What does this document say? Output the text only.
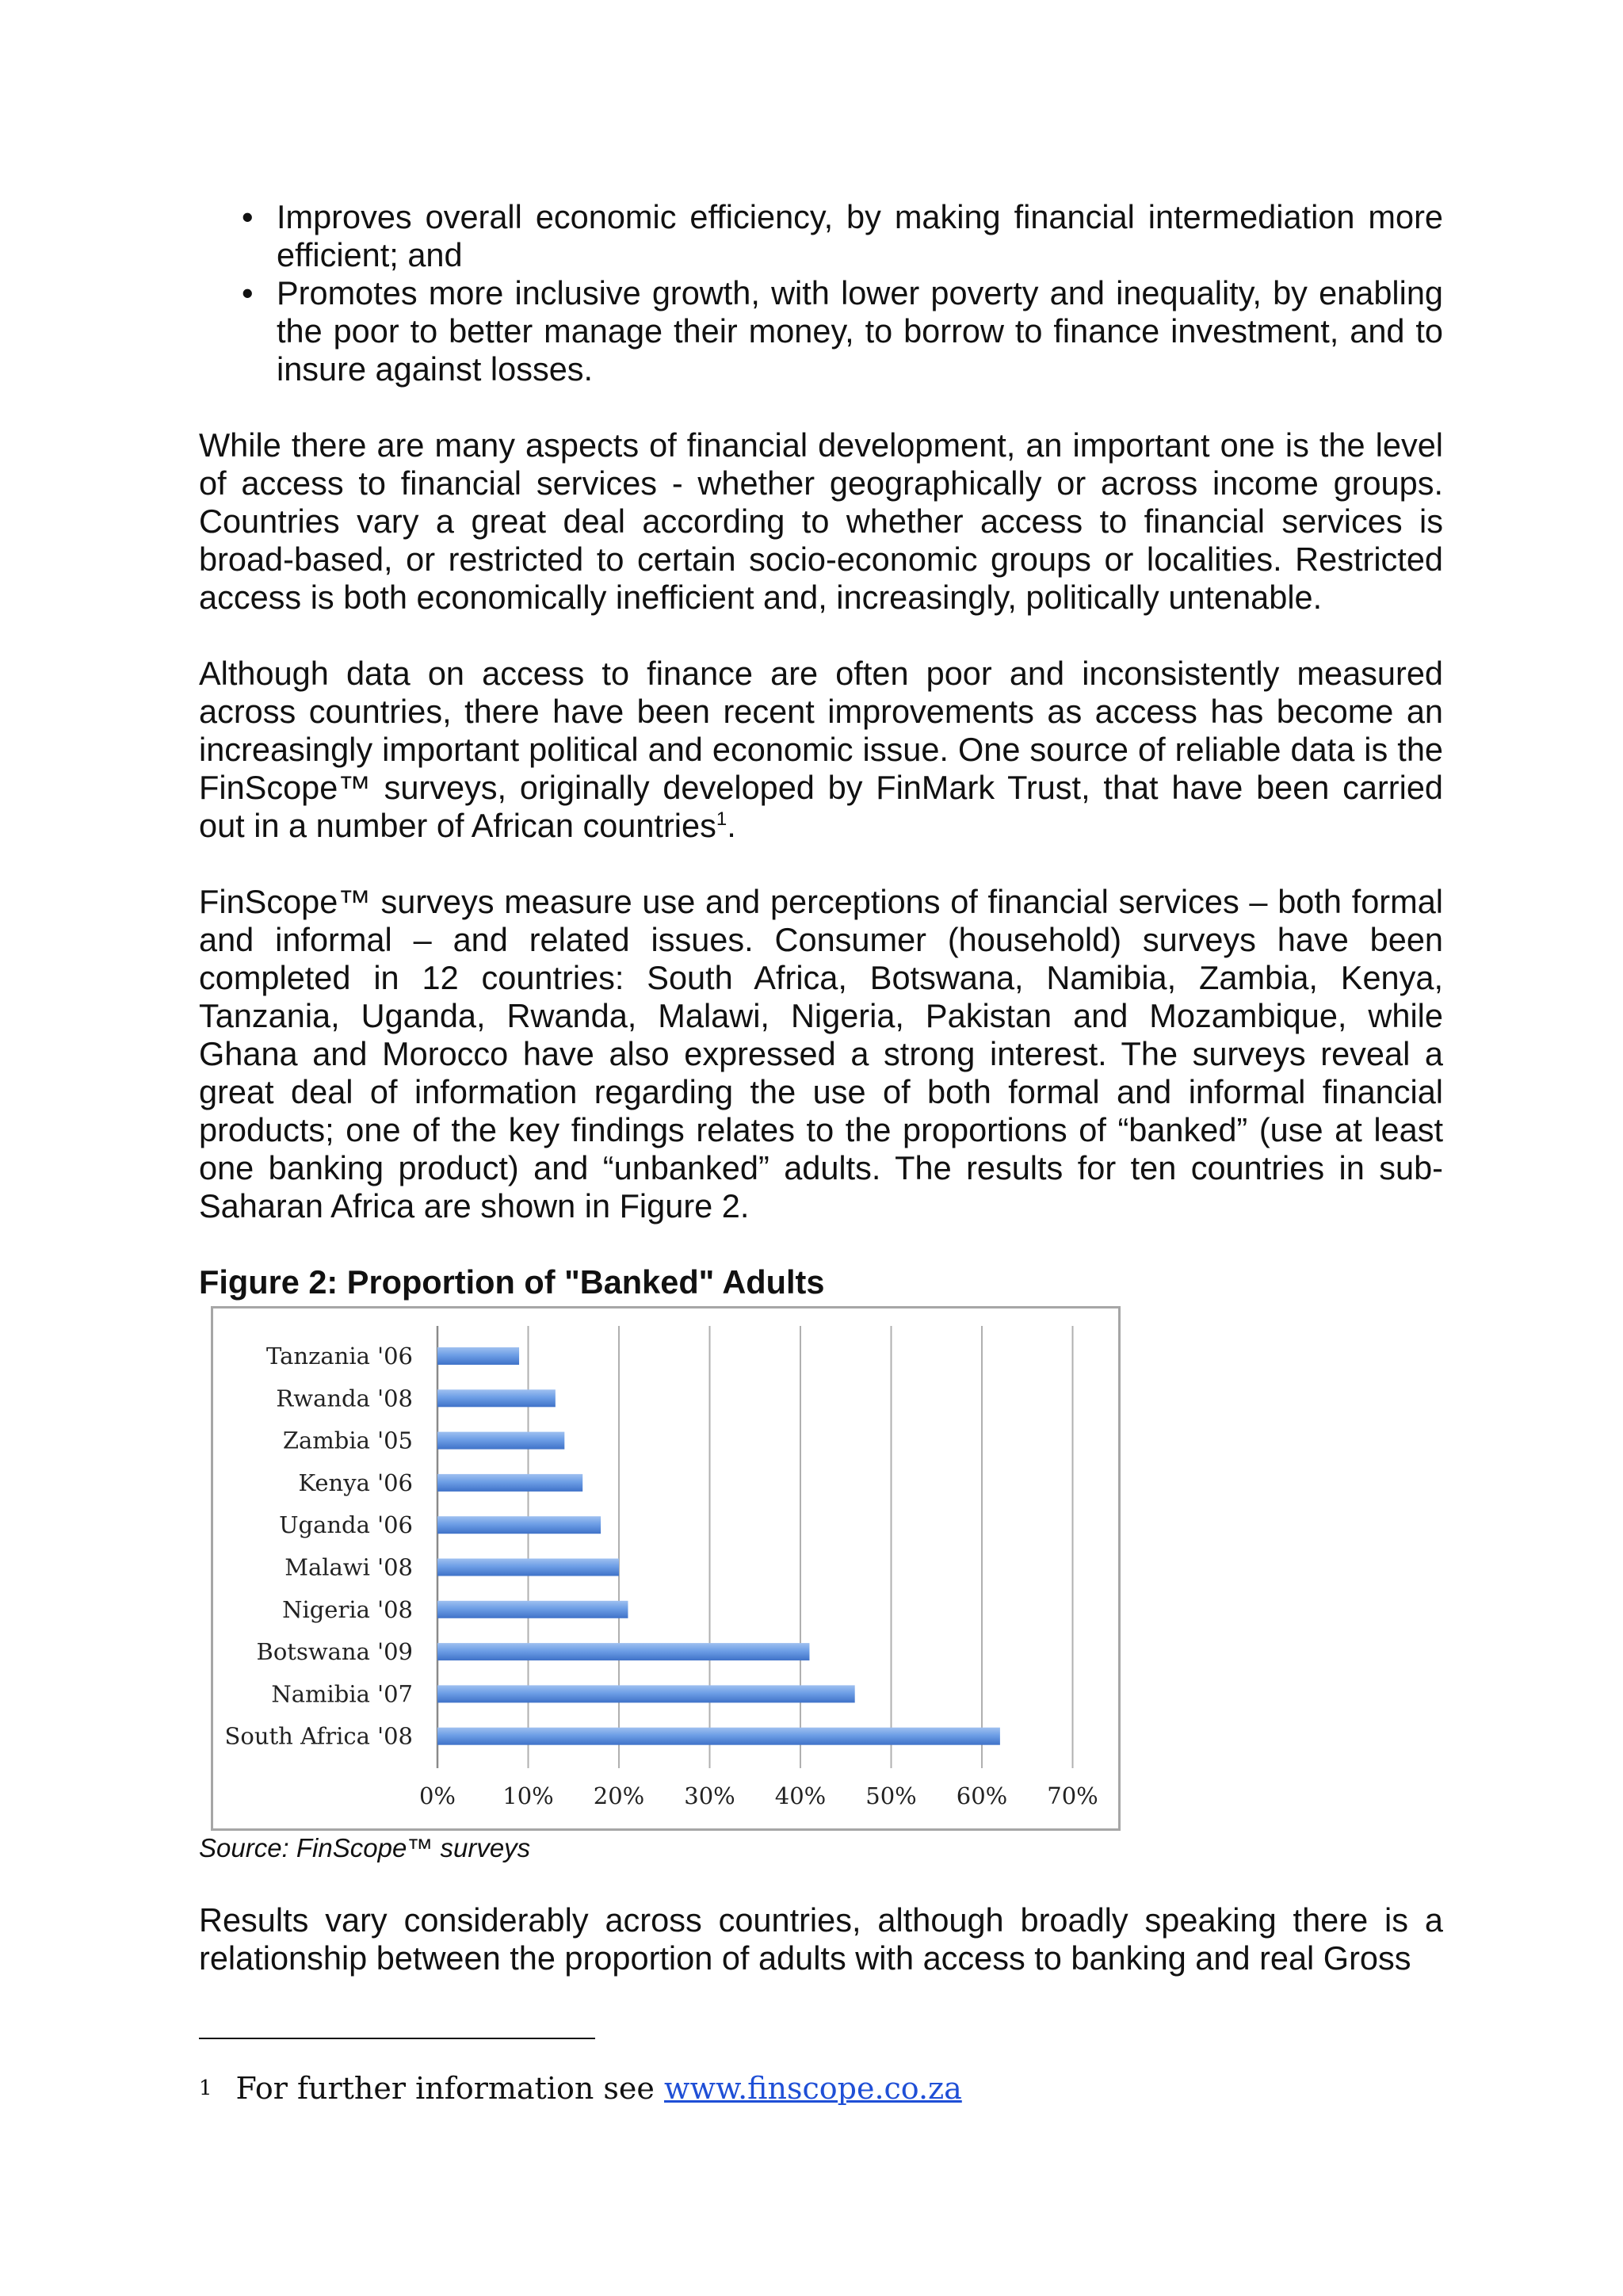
• Improves overall economic efficiency, by making financial intermediation more efficient; and
• Promotes more inclusive growth, with lower poverty and inequality, by enabling the poor to better manage their money, to borrow to finance investment, and to insure against losses.

While there are many aspects of financial development, an important one is the level of access to financial services - whether geographically or across income groups. Countries vary a great deal according to whether access to financial services is broad-based, or restricted to certain socio-economic groups or localities. Restricted access is both economically inefficient and, increasingly, politically untenable.

Although data on access to finance are often poor and inconsistently measured across countries, there have been recent improvements as access has become an increasingly important political and economic issue. One source of reliable data is the FinScope™ surveys, originally developed by FinMark Trust, that have been carried out in a number of African countries$^1$.

FinScope™ surveys measure use and perceptions of financial services – both formal and informal – and related issues. Consumer (household) surveys have been completed in 12 countries: South Africa, Botswana, Namibia, Zambia, Kenya, Tanzania, Uganda, Rwanda, Malawi, Nigeria, Pakistan and Mozambique, while Ghana and Morocco have also expressed a strong interest. The surveys reveal a great deal of information regarding the use of both formal and informal financial products; one of the key findings relates to the proportions of “banked” (use at least one banking product) and “unbanked” adults. The results for ten countries in sub-Saharan Africa are shown in Figure 2.

Figure 2: Proportion of "Banked" Adults

Tanzania '06
Rwanda '08
Zambia '05
Kenya '06
Uganda '06
Malawi '08
Nigeria '08
Botswana '09
Namibia '07
South Africa '08
0% 10% 20% 30% 40% 50% 60% 70%
Source: FinScope™ surveys

Results vary considerably across countries, although broadly speaking there is a relationship between the proportion of adults with access to banking and real Gross

$^1$ For further information see www.finscope.co.za
